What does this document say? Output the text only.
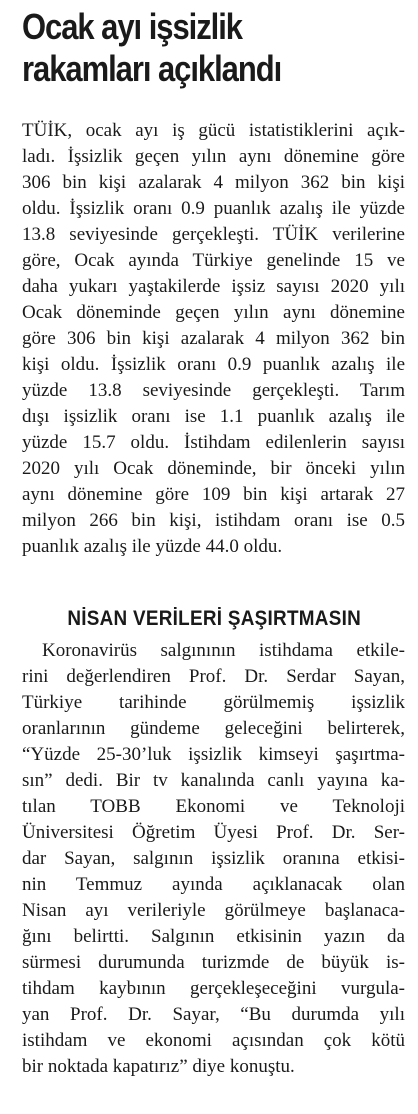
Ocak ayı işsizlik
rakamları açıklandı
TÜİK, ocak ayı iş gücü istatistiklerini açık-
ladı. İşsizlik geçen yılın aynı dönemine göre
306 bin kişi azalarak 4 milyon 362 bin kişi
oldu. İşsizlik oranı 0.9 puanlık azalış ile yüzde
13.8 seviyesinde gerçekleşti. TÜİK verilerine
göre, Ocak ayında Türkiye genelinde 15 ve
daha yukarı yaştakilerde işsiz sayısı 2020 yılı
Ocak döneminde geçen yılın aynı dönemine
göre 306 bin kişi azalarak 4 milyon 362 bin
kişi oldu. İşsizlik oranı 0.9 puanlık azalış ile
yüzde 13.8 seviyesinde gerçekleşti. Tarım
dışı işsizlik oranı ise 1.1 puanlık azalış ile
yüzde 15.7 oldu. İstihdam edilenlerin sayısı
2020 yılı Ocak döneminde, bir önceki yılın
aynı dönemine göre 109 bin kişi artarak 27
milyon 266 bin kişi, istihdam oranı ise 0.5
puanlık azalış ile yüzde 44.0 oldu.
NİSAN VERİLERİ ŞAŞIRTMASIN
Koronavirüs salgınının istihdama etkile-
rini değerlendiren Prof. Dr. Serdar Sayan,
Türkiye tarihinde görülmemiş işsizlik
oranlarının gündeme geleceğini belirterek,
“Yüzde 25-30’luk işsizlik kimseyi şaşırtma-
sın” dedi. Bir tv kanalında canlı yayına ka-
tılan TOBB Ekonomi ve Teknoloji
Üniversitesi Öğretim Üyesi Prof. Dr. Ser-
dar Sayan, salgının işsizlik oranına etkisi-
nin Temmuz ayında açıklanacak olan
Nisan ayı verileriyle görülmeye başlanaca-
ğını belirtti. Salgının etkisinin yazın da
sürmesi durumunda turizmde de büyük is-
tihdam kaybının gerçekleşeceğini vurgula-
yan Prof. Dr. Sayar, “Bu durumda yılı
istihdam ve ekonomi açısından çok kötü
bir noktada kapatırız” diye konuştu.
